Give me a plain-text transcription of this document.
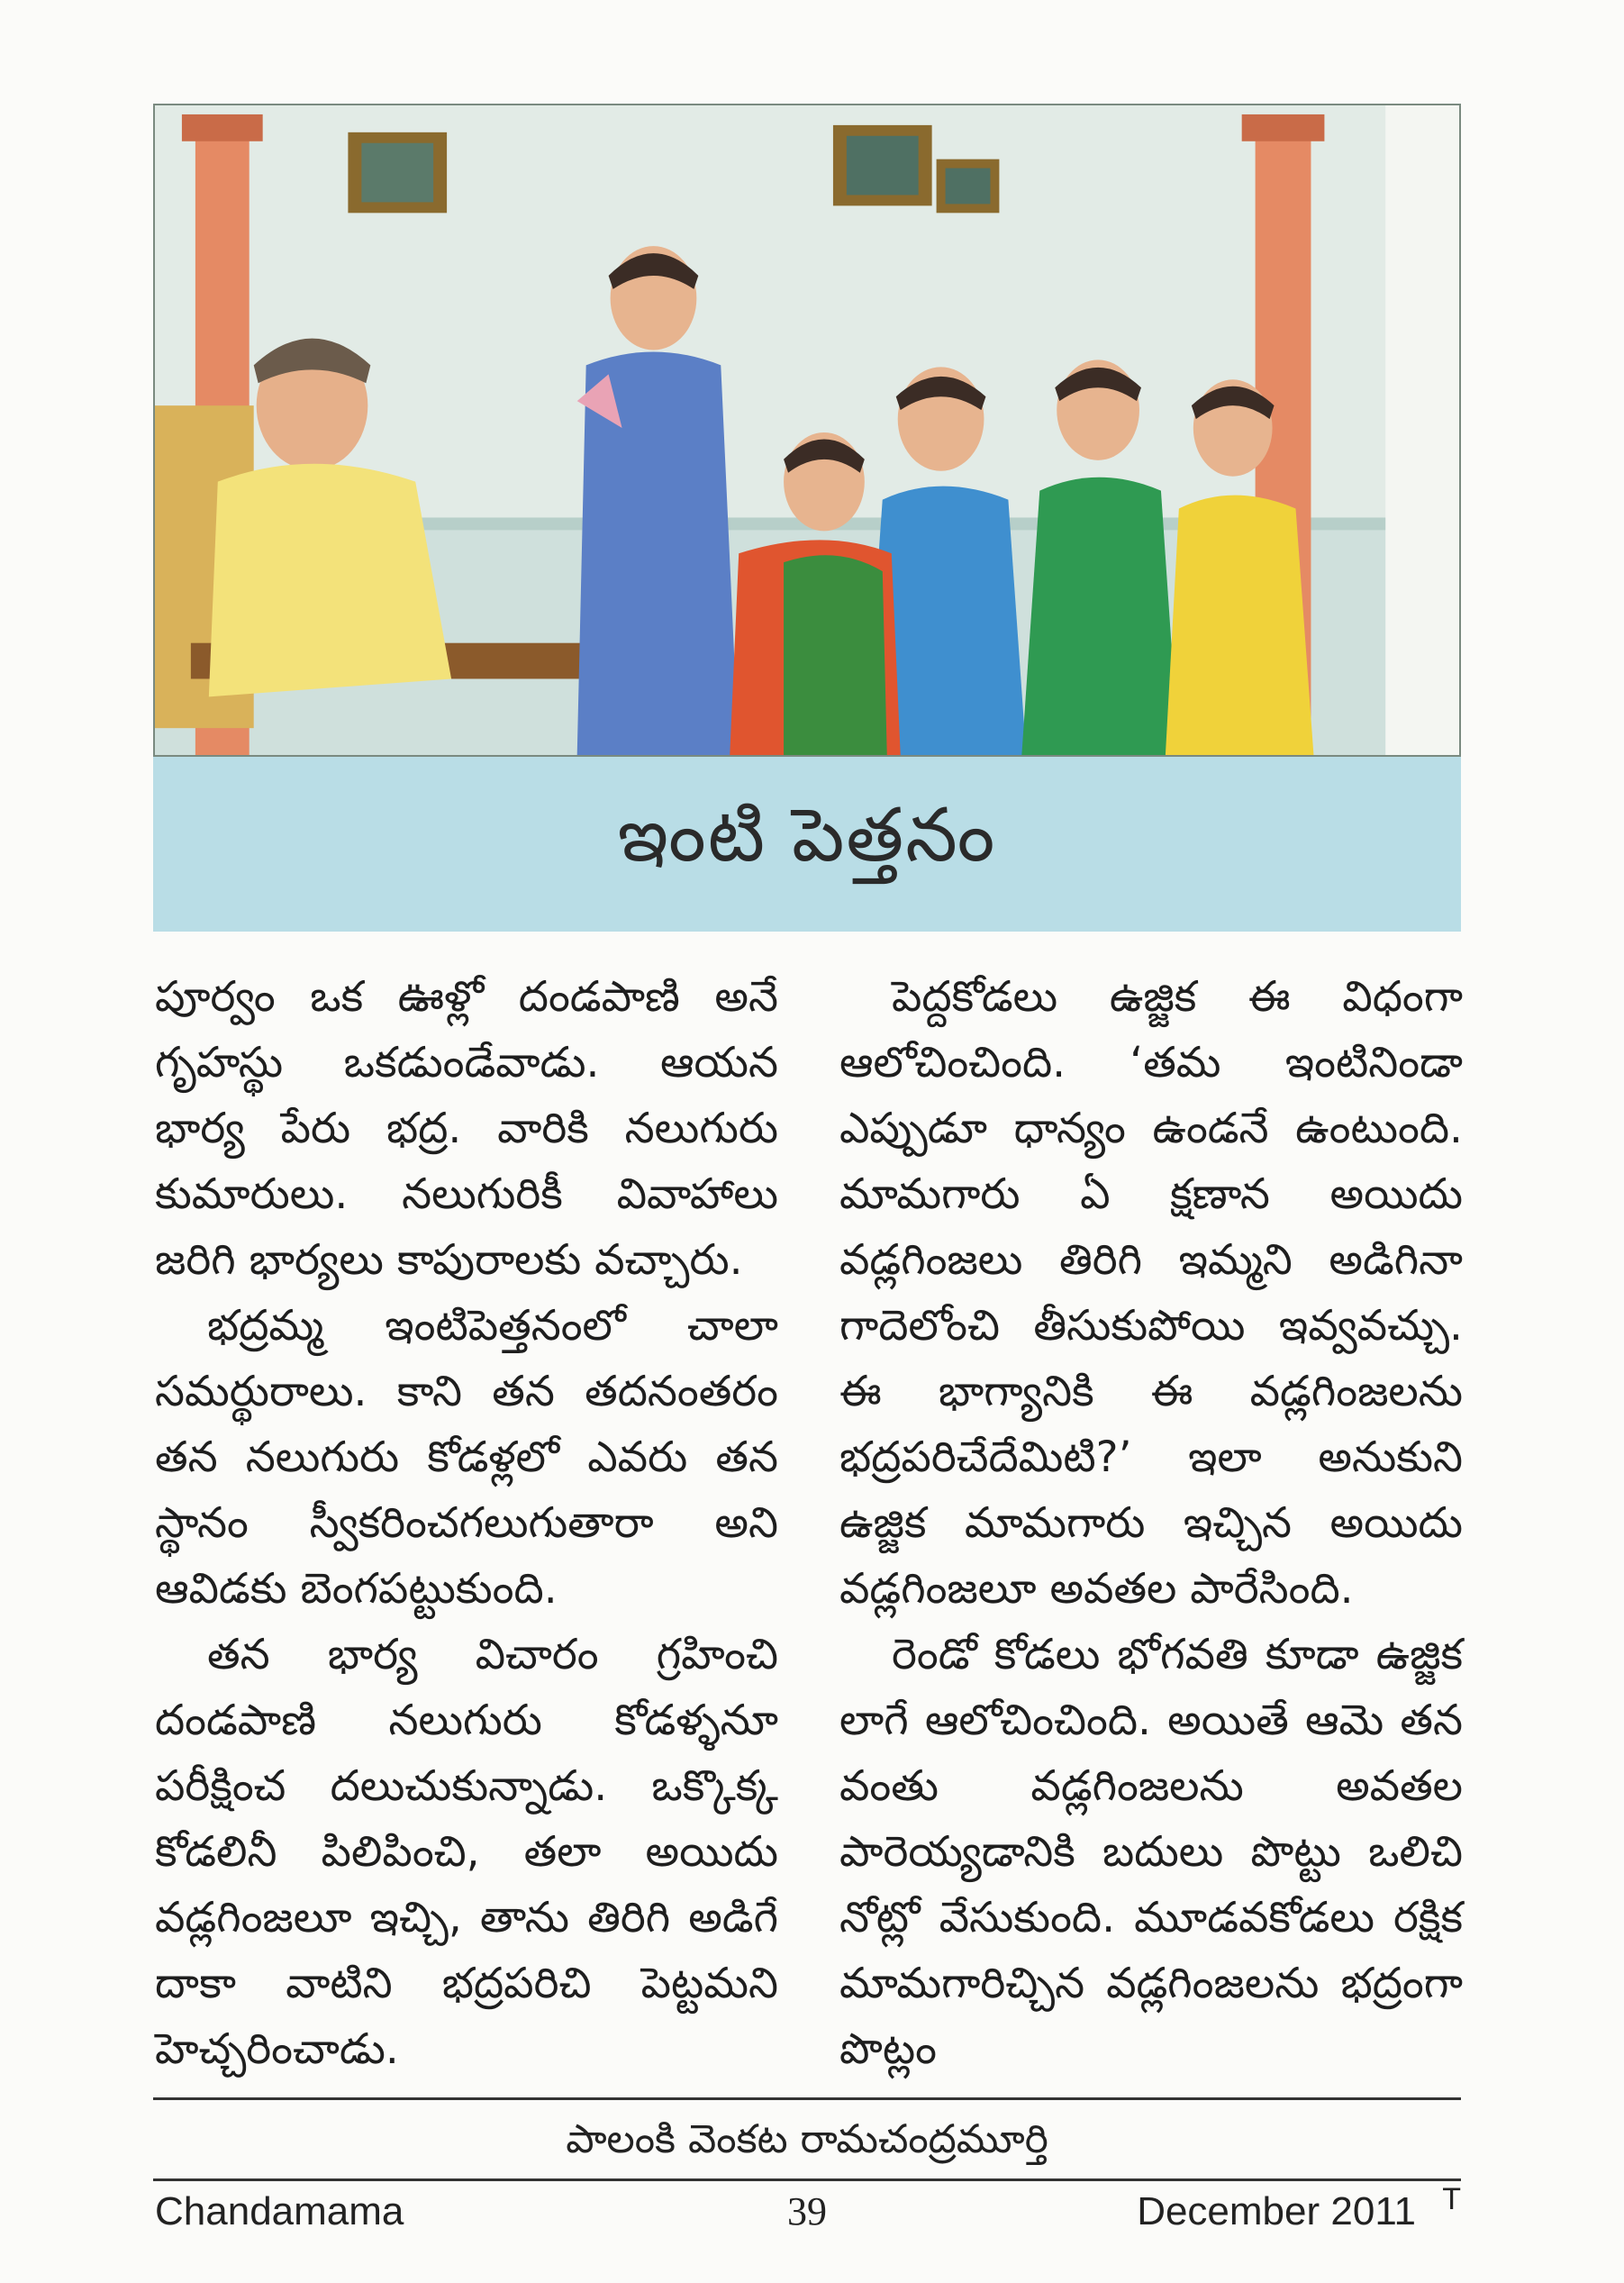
ఇంటి పెత్తనం

పూర్వం ఒక ఊళ్లో దండపాణి అనే గృహస్థు ఒకడుండేవాడు. ఆయన భార్య పేరు భద్ర. వారికి నలుగురు కుమారులు. నలుగురికీ వివాహాలు జరిగి భార్యలు కాపురాలకు వచ్చారు.

భద్రమ్మ ఇంటిపెత్తనంలో చాలా సమర్థురాలు. కాని తన తదనంతరం తన నలుగురు కోడళ్లలో ఎవరు తన స్థానం స్వీకరించగలుగుతారా అని ఆవిడకు బెంగపట్టుకుంది.

తన భార్య విచారం గ్రహించి దండపాణి నలుగురు కోడళ్ళనూ పరీక్షించ దలుచుకున్నాడు. ఒక్కొక్క కోడలినీ పిలిపించి, తలా అయిదు వడ్లగింజలూ ఇచ్చి, తాను తిరిగి అడిగే దాకా వాటిని భద్రపరిచి పెట్టమని హెచ్చరించాడు.

పెద్దకోడలు ఉజ్జిక ఈ విధంగా ఆలోచించింది. ‘తమ ఇంటినిండా ఎప్పుడూ ధాన్యం ఉండనే ఉంటుంది. మామగారు ఏ క్షణాన అయిదు వడ్లగింజలు తిరిగి ఇమ్మని అడిగినా గాదెలోంచి తీసుకుపోయి ఇవ్వవచ్చు. ఈ భాగ్యానికి ఈ వడ్లగింజలను భద్రపరిచేదేమిటి?’ ఇలా అనుకుని ఉజ్జిక మామగారు ఇచ్చిన అయిదు వడ్లగింజలూ అవతల పారేసింది.

రెండో కోడలు భోగవతి కూడా ఉజ్జిక లాగే ఆలోచించింది. అయితే ఆమె తన వంతు వడ్లగింజలను అవతల పారెయ్యడానికి బదులు పొట్టు ఒలిచి నోట్లో వేసుకుంది. మూడవకోడలు రక్షిక మామగారిచ్చిన వడ్లగింజలను భద్రంగా పొట్లం

పాలంకి వెంకట రామచంద్రమూర్తి
Chandamama	39	December 2011 T
